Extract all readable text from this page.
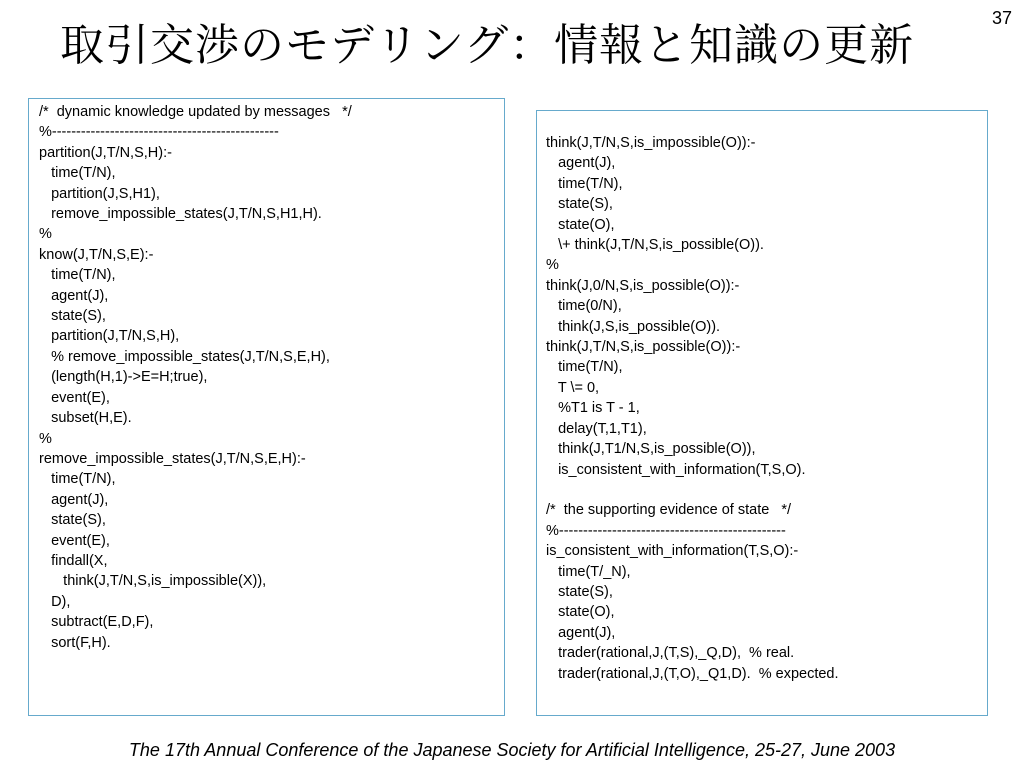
37
取引交渉のモデリング：情報と知識の更新
/*  dynamic knowledge updated by messages   */
%-----------------------------------------------
partition(J,T/N,S,H):-
time(T/N),
partition(J,S,H1),
remove_impossible_states(J,T/N,S,H1,H).
%
know(J,T/N,S,E):-
time(T/N),
agent(J),
state(S),
partition(J,T/N,S,H),
% remove_impossible_states(J,T/N,S,E,H),
(length(H,1)->E=H;true),
event(E),
subset(H,E).
%
remove_impossible_states(J,T/N,S,E,H):-
time(T/N),
agent(J),
state(S),
event(E),
findall(X,
think(J,T/N,S,is_impossible(X)),
D),
subtract(E,D,F),
sort(F,H).
think(J,T/N,S,is_impossible(O)):-
agent(J),
time(T/N),
state(S),
state(O),
\+ think(J,T/N,S,is_possible(O)).
%
think(J,0/N,S,is_possible(O)):-
time(0/N),
think(J,S,is_possible(O)).
think(J,T/N,S,is_possible(O)):-
time(T/N),
T \= 0,
%T1 is T - 1,
delay(T,1,T1),
think(J,T1/N,S,is_possible(O)),
is_consistent_with_information(T,S,O).

/*  the supporting evidence of state   */
%-----------------------------------------------
is_consistent_with_information(T,S,O):-
time(T/_N),
state(S),
state(O),
agent(J),
trader(rational,J,(T,S),_Q,D),  % real.
trader(rational,J,(T,O),_Q1,D).  % expected.
The 17th Annual Conference of the Japanese Society for Artificial Intelligence, 25-27, June 2003
